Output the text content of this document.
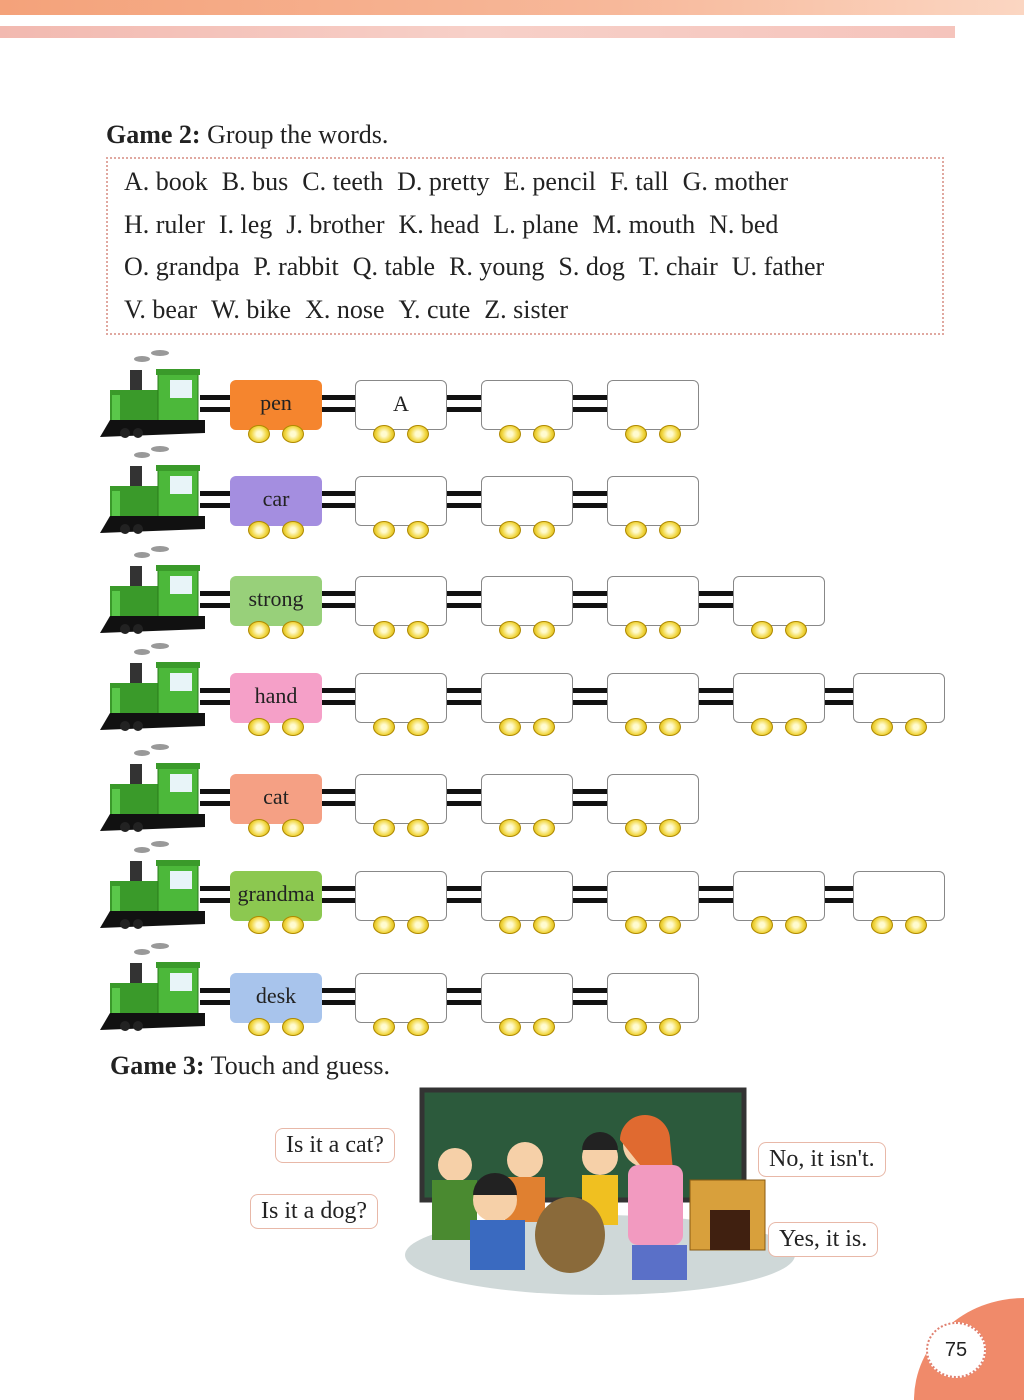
Game 2: Group the words.
A. book B. bus C. teeth D. pretty E. pencil F. tall G. mother
H. ruler I. leg J. brother K. head L. plane M. mouth N. bed
O. grandpa P. rabbit Q. table R. young S. dog T. chair U. father
V. bear W. bike X. nose Y. cute Z. sister
pen	A
car
strong
hand
cat
grandma
desk
Game 3: Touch and guess.
Is it a cat?
Is it a dog?
No, it isn't.
Yes, it is.
75
